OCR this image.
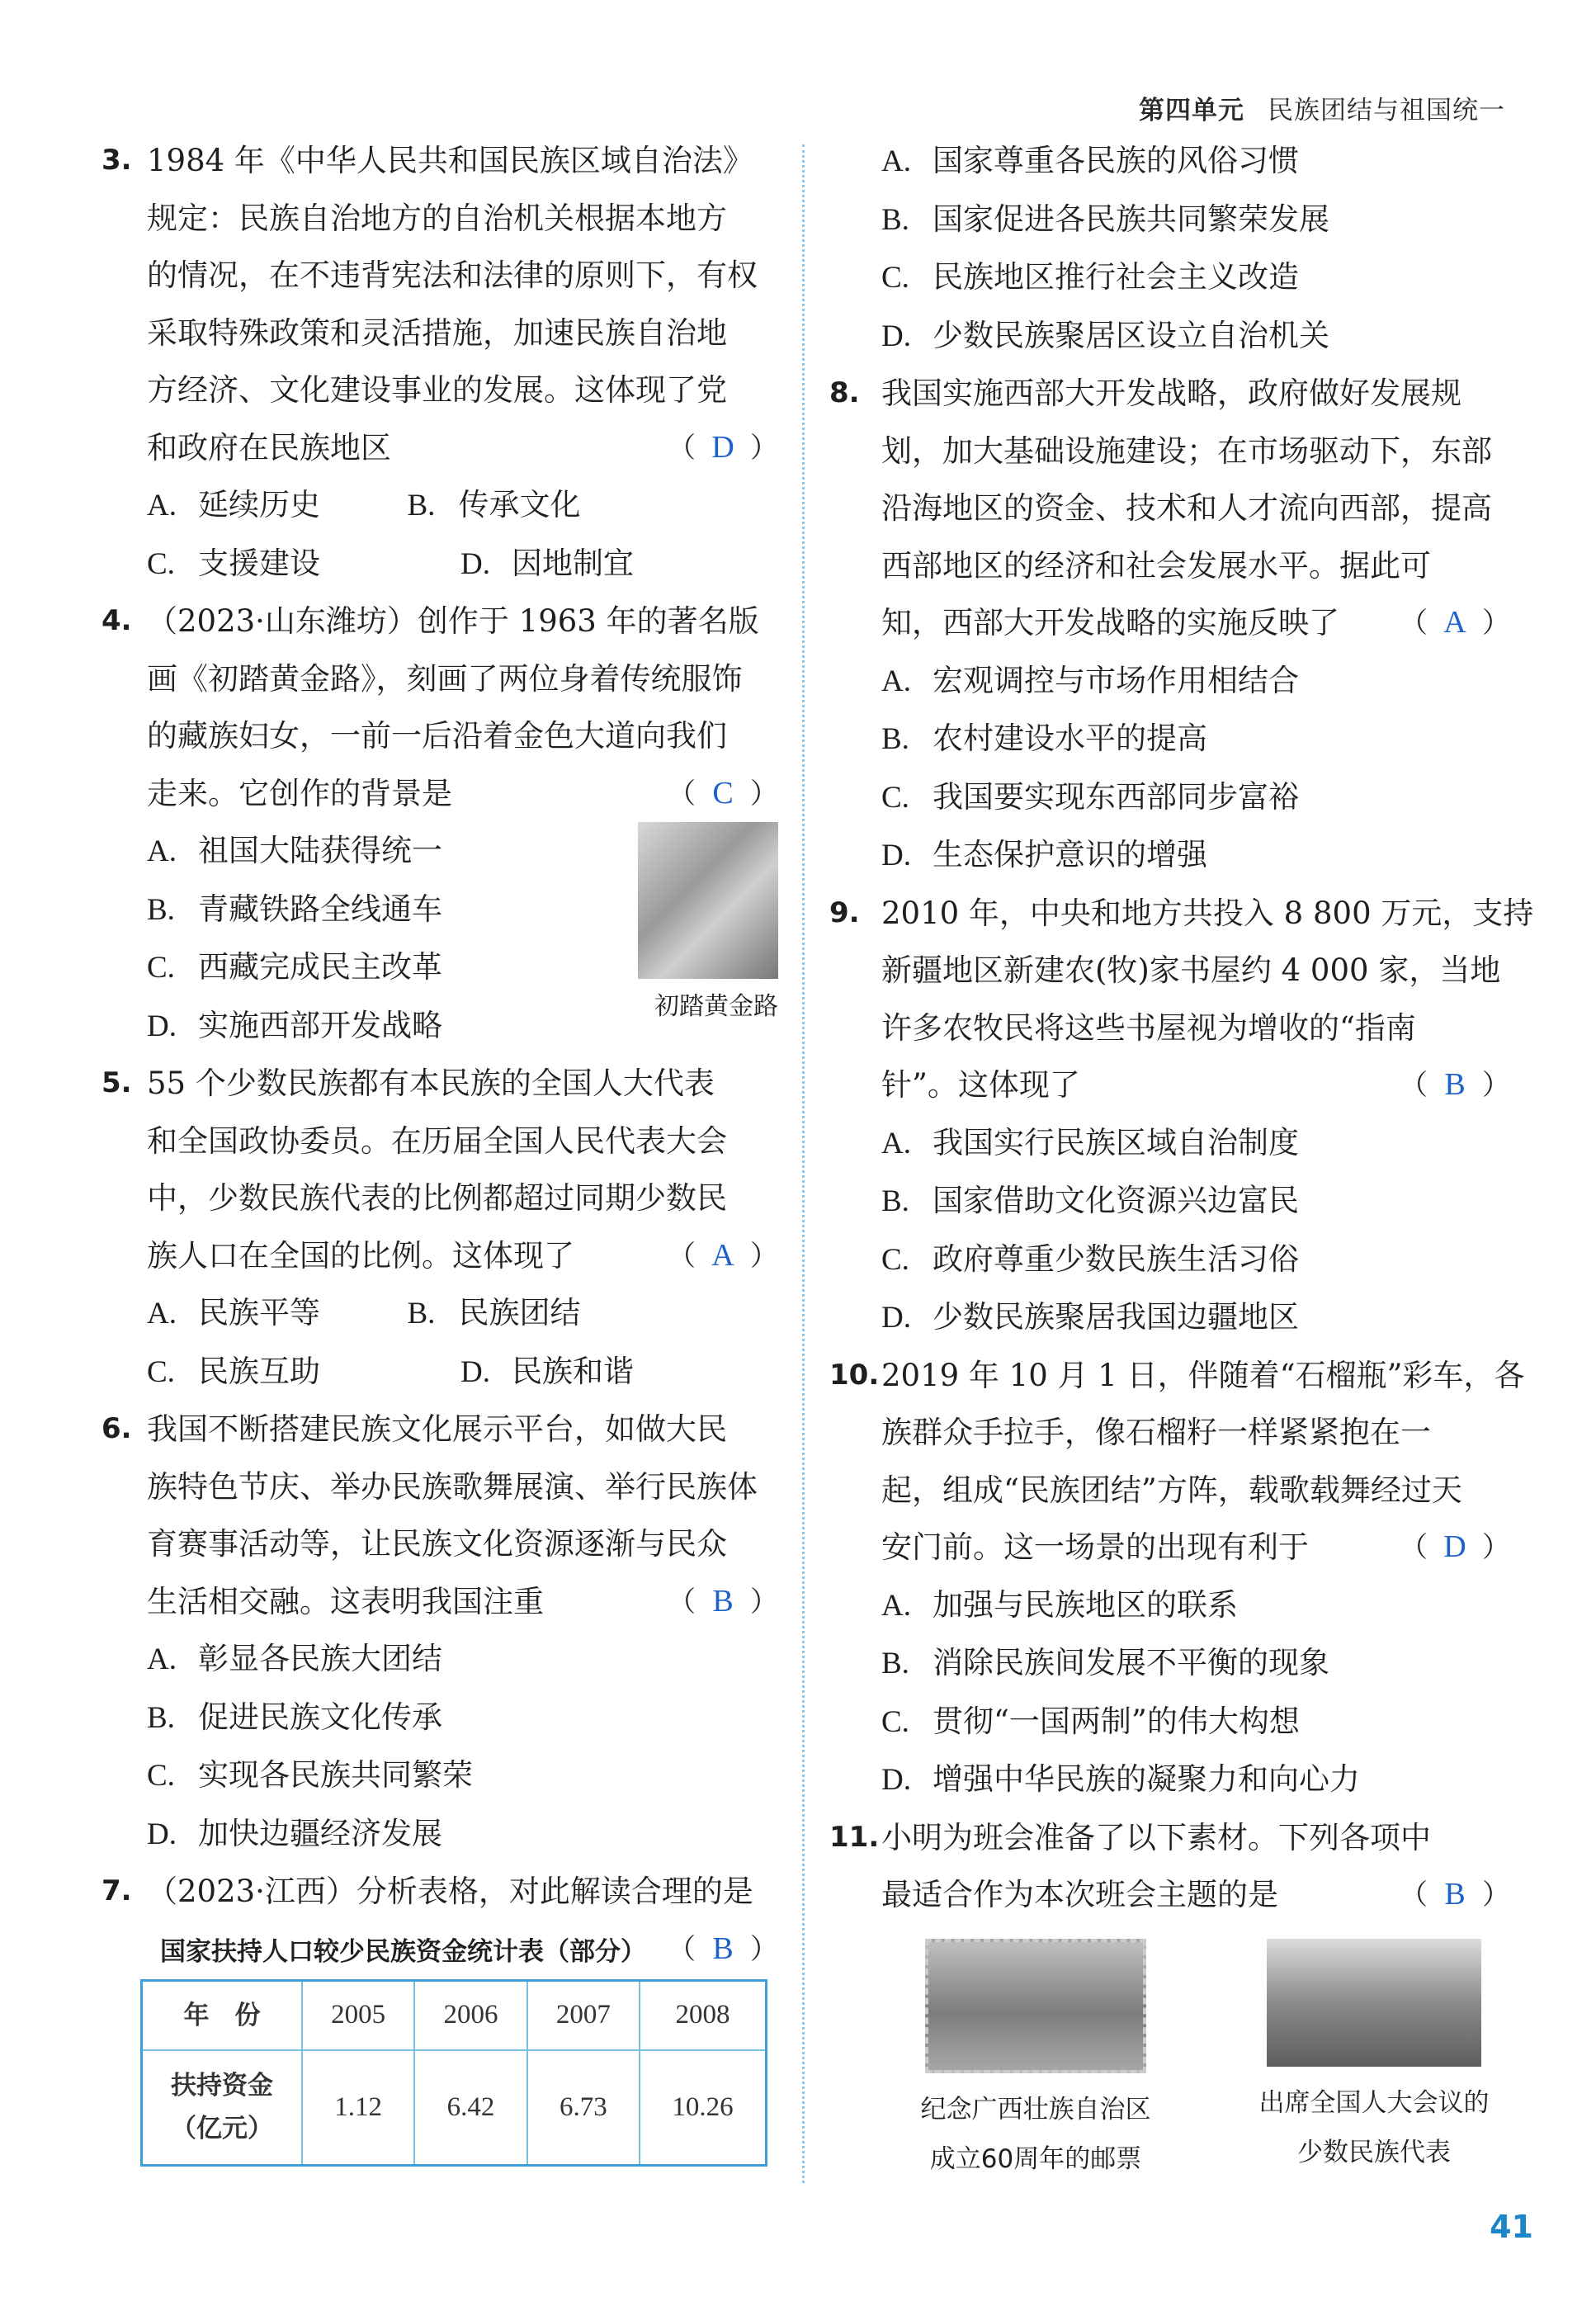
第四单元 民族团结与祖国统一
3. 1984 年《中华人民共和国民族区域自治法》
规定：民族自治地方的自治机关根据本地方
的情况，在不违背宪法和法律的原则下，有权
采取特殊政策和灵活措施，加速民族自治地
方经济、文化建设事业的发展。这体现了党
和政府在民族地区	（ D ）
A. 延续历史	B. 传承文化
C. 支援建设	D. 因地制宜
4. （2023·山东潍坊）创作于 1963 年的著名版
画《初踏黄金路》，刻画了两位身着传统服饰
的藏族妇女，一前一后沿着金色大道向我们
走来。它创作的背景是	（ C ）
A. 祖国大陆获得统一
B. 青藏铁路全线通车
C. 西藏完成民主改革
D. 实施西部开发战略
初踏黄金路
5. 55 个少数民族都有本民族的全国人大代表
和全国政协委员。在历届全国人民代表大会
中，少数民族代表的比例都超过同期少数民
族人口在全国的比例。这体现了	（ A ）
A. 民族平等	B. 民族团结
C. 民族互助	D. 民族和谐
6. 我国不断搭建民族文化展示平台，如做大民
族特色节庆、举办民族歌舞展演、举行民族体
育赛事活动等，让民族文化资源逐渐与民众
生活相交融。这表明我国注重	（ B ）
A. 彰显各民族大团结
B. 促进民族文化传承
C. 实现各民族共同繁荣
D. 加快边疆经济发展
7. （2023·江西）分析表格，对此解读合理的是
（ B ）
国家扶持人口较少民族资金统计表（部分）
年　份	2005	2006	2007	2008
扶持资金
（亿元）	1.12	6.42	6.73	10.26
A. 国家尊重各民族的风俗习惯
B. 国家促进各民族共同繁荣发展
C. 民族地区推行社会主义改造
D. 少数民族聚居区设立自治机关
8. 我国实施西部大开发战略，政府做好发展规
划，加大基础设施建设；在市场驱动下，东部
沿海地区的资金、技术和人才流向西部，提高
西部地区的经济和社会发展水平。据此可
知，西部大开发战略的实施反映了 （ A ）
A. 宏观调控与市场作用相结合
B. 农村建设水平的提高
C. 我国要实现东西部同步富裕
D. 生态保护意识的增强
9. 2010 年，中央和地方共投入 8 800 万元，支持
新疆地区新建农(牧)家书屋约 4 000 家，当地
许多农牧民将这些书屋视为增收的“指南
针”。这体现了	（ B ）
A. 我国实行民族区域自治制度
B. 国家借助文化资源兴边富民
C. 政府尊重少数民族生活习俗
D. 少数民族聚居我国边疆地区
10. 2019 年 10 月 1 日，伴随着“石榴瓶”彩车，各
族群众手拉手，像石榴籽一样紧紧抱在一
起，组成“民族团结”方阵，载歌载舞经过天
安门前。这一场景的出现有利于	（ D ）
A. 加强与民族地区的联系
B. 消除民族间发展不平衡的现象
C. 贯彻“一国两制”的伟大构想
D. 增强中华民族的凝聚力和向心力
11. 小明为班会准备了以下素材。下列各项中
最适合作为本次班会主题的是	（ B ）
纪念广西壮族自治区
成立60周年的邮票
出席全国人大会议的
少数民族代表
41
